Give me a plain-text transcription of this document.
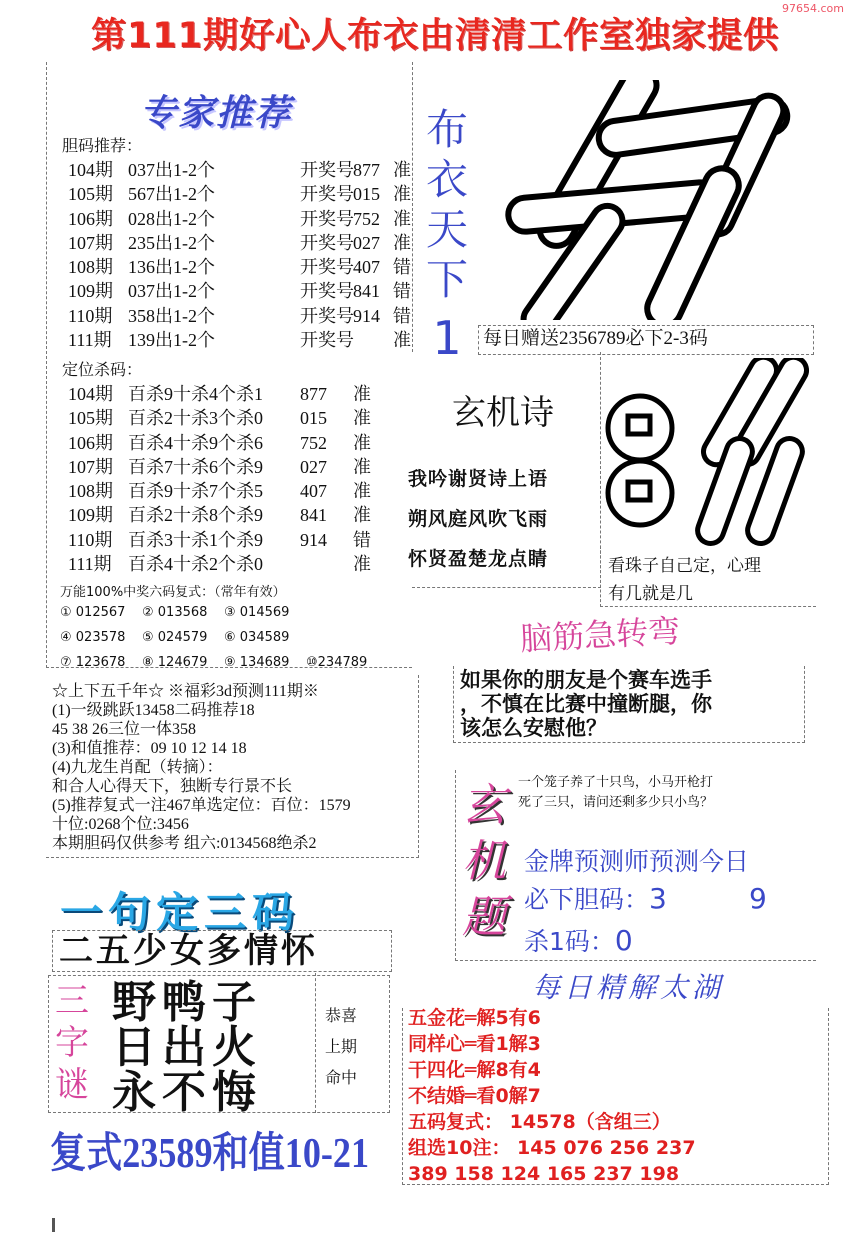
第111期好心人布衣由清清工作室独家提供
97654.com
专家推荐
胆码推荐：
104期 037出1-2个	开奖号877 准
105期 567出1-2个	开奖号015 准
106期 028出1-2个	开奖号752 准
107期 235出1-2个	开奖号027 准
108期 136出1-2个	开奖号407 错
109期 037出1-2个	开奖号841 错
110期 358出1-2个	开奖号914 错
111期 139出1-2个	开奖号 准
定位杀码：
104期 百杀9十杀4个杀1 877 准
105期 百杀2十杀3个杀0 015 准
106期 百杀4十杀9个杀6 752 准
107期 百杀7十杀6个杀9 027 准
108期 百杀9十杀7个杀5 407 准
109期 百杀2十杀8个杀9 841 准
110期 百杀3十杀1个杀9 914 错
111期 百杀4十杀2个杀0	准
万能100%中奖六码复式：（常年有效）
① 012567 ② 013568 ③ 014569
④ 023578 ⑤ 024579 ⑥ 034589
⑦ 123678 ⑧ 124679 ⑨ 134689 ⑩234789
布
衣
天
下
1	每日赠送2356789必下2-3码
玄机诗
我吟谢贤诗上语
朔风庭风吹飞雨
怀贤盈楚龙点睛	看珠子自己定，心理
有几就是几
脑筋急转弯
如果你的朋友是个赛车选手
，不慎在比赛中撞断腿，你
该怎么安慰他？
☆上下五千年☆ ※福彩3d预测111期※
(1)一级跳跃13458二码推荐18
45 38 26三位一体358
(3)和值推荐：09 10 12 14 18
(4)九龙生肖配（转摘）：
和合人心得天下，独断专行景不长
(5)推荐复式一注467单选定位：百位：1579
十位:0268个位:3456
本期胆码仅供参考 组六:0134568绝杀2
玄
机
题
一个笼子养了十只鸟，小马开枪打
死了三只，请问还剩多少只小鸟？
金牌预测师预测今日
必下胆码：3	9
杀1码：0
一句定三码
二五少女多情怀
三
字
谜
野鸭子
日出火
永不悔
恭喜
上期
命中
复式23589和值10-21
每日精解太湖
五金花═解5有6
同样心═看1解3
干四化═解8有4
不结婚═看0解7
五码复式： 14578（含组三）
组选10注： 145 076 256 237
389 158 124 165 237 198
